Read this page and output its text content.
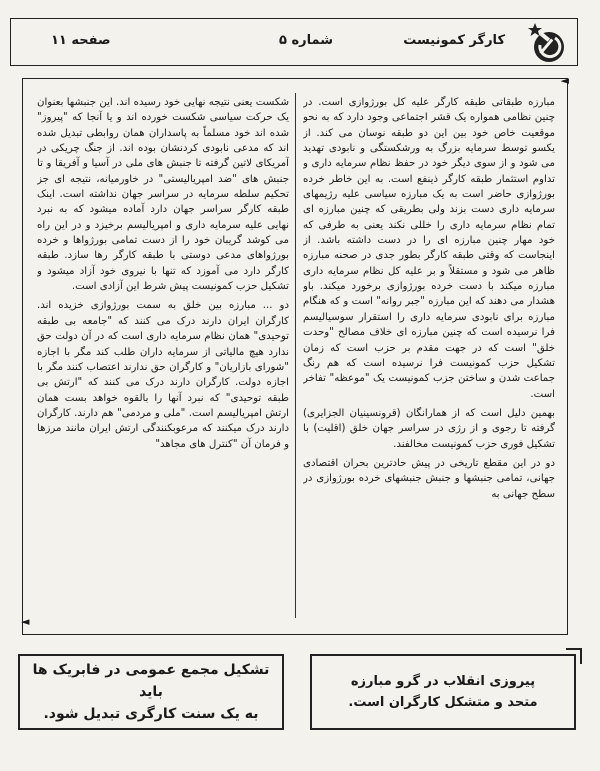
کارگر کمونیست
شماره ۵
صفحه ۱۱
◄

مبارزه طبقاتی طبقه کارگر علیه کل بورژوازی است. در چنین نظامی همواره یک قشر اجتماعی وجود دارد که به نحو موقعیت خاص خود بین این دو طبقه نوسان می کند. از یکسو توسط سرمایه بزرگ به ورشکستگی و نابودی تهدید می شود و از سوی دیگر خود در حفظ نظام سرمایه داری و تداوم استثمار طبقه کارگر ذینفع است. به این خاطر خرده بورژوازی حاضر است به یک مبارزه سیاسی علیه رژیمهای سرمایه داری دست بزند ولی بطریقی که چنین مبارزه ای تمام نظام سرمایه داری را خللی نکند یعنی به طرفی که خود مهار چنین مبارزه ای را در دست داشته باشد. از اینجاست که وقتی طبقه کارگر بطور جدی در صحنه مبارزه ظاهر می شود و مستقلاً و بر علیه کل نظام سرمایه داری مبارزه میکند با دست خرده بورژوازی برخورد میکند. باو هشدار می دهند که این مبارزه "جبر روانه" است و که هنگام مبارزه برای نابودی سرمایه داری را استقرار سوسیالیسم فرا نرسیده است که چنین مبارزه ای خلاف مصالح "وحدت خلق" است که در جهت مقدم بر حزب است که زمان تشکیل حزب کمونیست فرا نرسیده است که هم رنگ جماعت شدن و ساختن جزب کمونیست یک "موعظه" تفاخر است.

بهمین دلیل است که از همارانگان (قرونسینیان الجزایری) گرفته تا رجوی و از رژی در سراسر جهان خلق (اقلیت) با تشکیل فوری حزب کمونیست مخالفند.

دو در این مقطع تاریخی در پیش حادترین بحران اقتصادی جهانی، تمامی جنبشها و جنبش جنبشهای خرده بورژوازی در سطح جهانی به

شکست یعنی نتیجه نهایی خود رسیده اند. این جنبشها بعنوان یک حرکت سیاسی شکست خورده اند و یا آنجا که "پیروز" شده اند خود مسلماً به پاسداران همان روابطی تبدیل شده اند که مدعی نابودی کردنشان بوده اند. از جنگ چریکی در آمریکای لاتین گرفته تا جنبش های ملی در آسیا و آفریقا و تا جنبش های "ضد امپریالیستی" در خاورمیانه، نتیجه ای جز تحکیم سلطه سرمایه در سراسر جهان نداشته است. اینک طبقه کارگر سراسر جهان دارد آماده میشود که به نبرد نهایی علیه سرمایه داری و امپریالیسم برخیزد و در این راه می کوشد گریبان خود را از دست تمامی بورژواها و خرده بورژواهای مدعی دوستی با طبقه کارگر رها سازد. طبقه کارگر دارد می آموزد که تنها با نیروی خود آزاد میشود و تشکیل حزب کمونیست پیش شرط این آزادی است.

دو ... مبارزه بین خلق به سمت بورژوازی خزیده اند. کارگران ایران دارند درک می کنند که "جامعه بی طبقه توحیدی" همان نظام سرمایه داری است که در آن دولت حق ندارد هیچ مالیاتی از سرمایه داران طلب کند مگر با اجازه "شورای بازاریان" و کارگران حق ندارند اعتصاب کنند مگر با اجازه دولت. کارگران دارند درک می کنند که "ارتش بی طبقه توحیدی" که نبرد آنها را بالقوه خواهد بست همان ارتش امپریالیسم است. "ملی و مردمی" هم دارند. کارگران دارند درک میکنند که مرعوبکنندگی ارتش ایران مانند مرزها و فرمان آن "کنترل های مجاهد"

◄
تشکیل مجمع عمومی در فابریک ها باید
به یک سنت کارگری تبدیل شود.
پیروزی انقلاب در گرو مبارزه
متحد و متشکل کارگران است.
